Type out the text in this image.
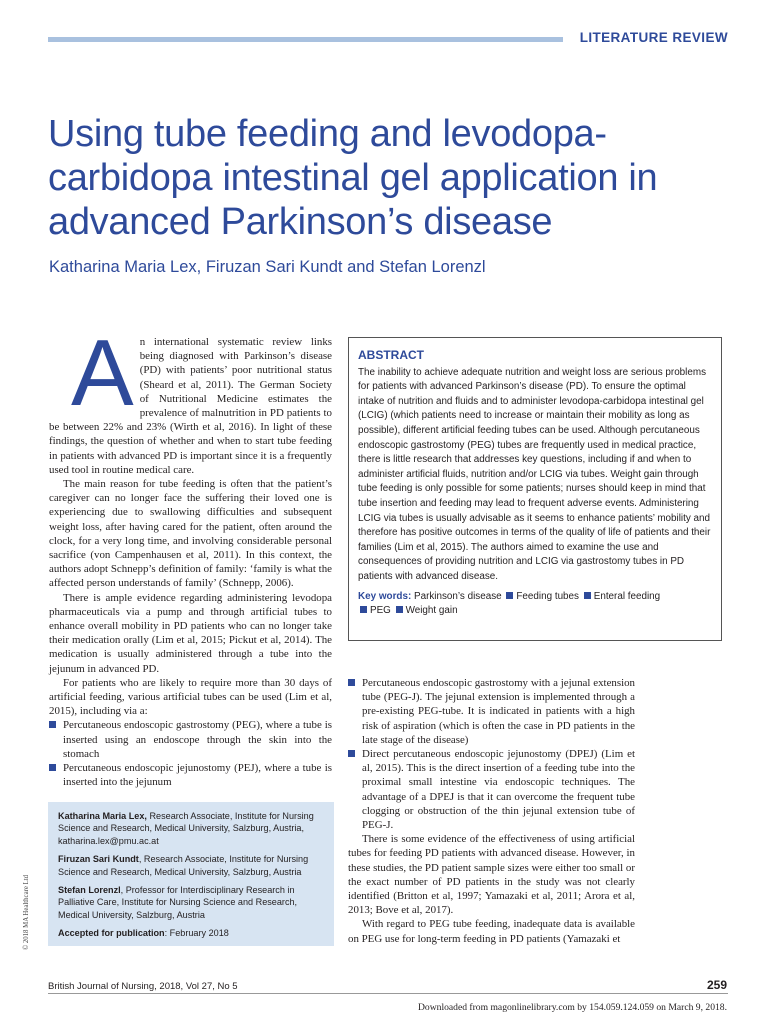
LITERATURE REVIEW
Using tube feeding and levodopa-carbidopa intestinal gel application in advanced Parkinson’s disease
Katharina Maria Lex, Firuzan Sari Kundt and Stefan Lorenzl

An international systematic review links being diagnosed with Parkinson’s disease (PD) with patients’ poor nutritional status (Sheard et al, 2011). The German Society of Nutritional Medicine estimates the prevalence of malnutrition in PD patients to be between 22% and 23% (Wirth et al, 2016). In light of these findings, the question of whether and when to start tube feeding in patients with advanced PD is important since it is a frequently used tool in routine medical care.

The main reason for tube feeding is often that the patient’s caregiver can no longer face the suffering their loved one is experiencing due to swallowing difficulties and subsequent weight loss, after having cared for the patient, often around the clock, for a very long time, and involving considerable personal sacrifice (von Campenhausen et al, 2011). In this context, the authors adopt Schnepp’s definition of family: ‘family is what the affected person understands of family’ (Schnepp, 2006).

There is ample evidence regarding administering levodopa pharmaceuticals via a pump and through artificial tubes to enhance overall mobility in PD patients who can no longer take their medication orally (Lim et al, 2015; Pickut et al, 2014). The medication is usually administered through a tube into the jejunum in advanced PD.

For patients who are likely to require more than 30 days of artificial feeding, various artificial tubes can be used (Lim et al, 2015), including via a:

Percutaneous endoscopic gastrostomy (PEG), where a tube is inserted using an endoscope through the skin into the stomach
Percutaneous endoscopic jejunostomy (PEJ), where a tube is inserted into the jejunum
ABSTRACT

The inability to achieve adequate nutrition and weight loss are serious problems for patients with advanced Parkinson’s disease (PD). To ensure the optimal intake of nutrition and fluids and to administer levodopa-carbidopa intestinal gel (LCIG) (which patients need to increase or maintain their mobility as long as possible), different artificial feeding tubes can be used. Although percutaneous endoscopic gastrostomy (PEG) tubes are frequently used in medical practice, there is little research that addresses key questions, including if and when to administer artificial fluids, nutrition and/or LCIG via tubes. Weight gain through tube feeding is only possible for some patients; nurses should keep in mind that tube insertion and feeding may lead to frequent adverse events. Administering LCIG via tubes is usually advisable as it seems to enhance patients’ mobility and therefore has positive outcomes in terms of the quality of life of patients and their families (Lim et al, 2015). The authors aimed to examine the use and consequences of providing nutrition and LCIG via gastrostomy tubes in PD patients with advanced disease.

Key words: Parkinson’s disease Feeding tubes Enteral feeding
PEG Weight gain
Percutaneous endoscopic gastrostomy with a jejunal extension tube (PEG-J). The jejunal extension is implemented through a pre-existing PEG-tube. It is indicated in patients with a high risk of aspiration (which is often the case in PD patients in the late stage of the disease)
Direct percutaneous endoscopic jejunostomy (DPEJ) (Lim et al, 2015). This is the direct insertion of a feeding tube into the proximal small intestine via endoscopic techniques. The advantage of a DPEJ is that it can overcome the frequent tube clogging or obstruction of the thin jejunal extension tube of PEG-J.

There is some evidence of the effectiveness of using artificial tubes for feeding PD patients with advanced disease. However, in these studies, the PD patient sample sizes were either too small or the exact number of PD patients in the study was not clearly identified (Britton et al, 1997; Yamazaki et al, 2011; Arora et al, 2013; Bove et al, 2017).

With regard to PEG tube feeding, inadequate data is available on PEG use for long-term feeding in PD patients (Yamazaki et

Katharina Maria Lex, Research Associate, Institute for Nursing Science and Research, Medical University, Salzburg, Austria, katharina.lex@pmu.ac.at

Firuzan Sari Kundt, Research Associate, Institute for Nursing Science and Research, Medical University, Salzburg, Austria

Stefan Lorenzl, Professor for Interdisciplinary Research in Palliative Care, Institute for Nursing Science and Research, Medical University, Salzburg, Austria

Accepted for publication: February 2018

© 2018 MA Healthcare Ltd
British Journal of Nursing, 2018, Vol 27, No 5	259
Downloaded from magonlinelibrary.com by 154.059.124.059 on March 9, 2018.
